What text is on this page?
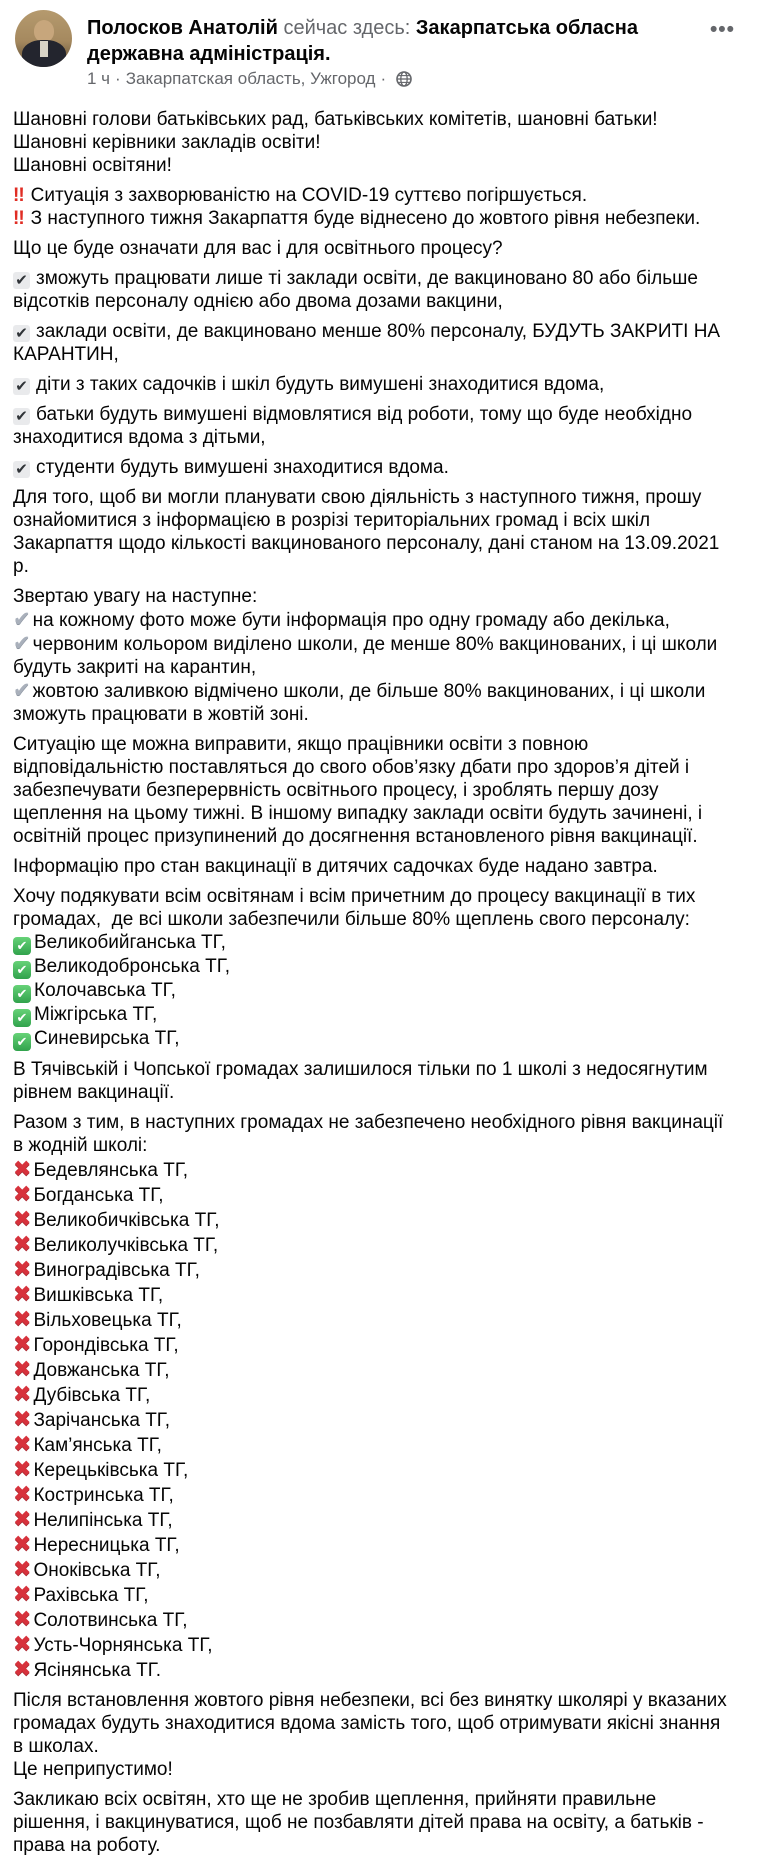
Полосков Анатолій сейчас здесь: Закарпатська обласна державна адміністрація.
1 ч · Закарпатская область, Ужгород ·
•••
Шановні голови батьківських рад, батьківських комітетів, шановні батьки!
Шановні керівники закладів освіти!
Шановні освітяни!
!! Ситуація з захворюваністю на COVID-19 суттєво погіршується.
!! З наступного тижня Закарпаття буде віднесено до жовтого рівня небезпеки.
Що це буде означати для вас і для освітнього процесу?
✔ зможуть працювати лише ті заклади освіти, де вакциновано 80 або більше відсотків персоналу однією або двома дозами вакцини,
✔ заклади освіти, де вакциновано менше 80% персоналу, БУДУТЬ ЗАКРИТІ НА КАРАНТИН,
✔ діти з таких садочків і шкіл будуть вимушені знаходитися вдома,
✔ батьки будуть вимушені відмовлятися від роботи, тому що буде необхідно знаходитися вдома з дітьми,
✔ студенти будуть вимушені знаходитися вдома.
Для того, щоб ви могли планувати свою діяльність з наступного тижня, прошу ознайомитися з інформацією в розрізі територіальних громад і всіх шкіл Закарпаття щодо кількості вакцинованого персоналу, дані станом на 13.09.2021 р.
Звертаю увагу на наступне:
✔ на кожному фото може бути інформація про одну громаду або декілька,
✔ червоним кольором виділено школи, де менше 80% вакцинованих, і ці школи будуть закриті на карантин,
✔ жовтою заливкою відмічено школи, де більше 80% вакцинованих, і ці школи зможуть працювати в жовтій зоні.
Ситуацію ще можна виправити, якщо працівники освіти з повною відповідальністю поставляться до свого обов’язку дбати про здоров’я дітей і забезпечувати безперервність освітнього процесу, і зроблять першу дозу щеплення на цьому тижні. В іншому випадку заклади освіти будуть зачинені, і освітній процес призупинений до досягнення встановленого рівня вакцинації.
Інформацію про стан вакцинації в дитячих садочках буде надано завтра.
Хочу подякувати всім освітянам і всім причетним до процесу вакцинації в тих громадах,  де всі школи забезпечили більше 80% щеплень свого персоналу:
✔ Великобийганська ТГ,
✔ Великодобронська ТГ,
✔ Колочавська ТГ,
✔ Міжгірська ТГ,
✔ Синевирська ТГ,
В Тячівській і Чопської громадах залишилося тільки по 1 школі з недосягнутим рівнем вакцинації.
Разом з тим, в наступних громадах не забезпечено необхідного рівня вакцинації в жодній школі:
✖ Бедевлянська ТГ,
✖ Богданська ТГ,
✖ Великобичківська ТГ,
✖ Великолучківська ТГ,
✖ Виноградівська ТГ,
✖ Вишківська ТГ,
✖ Вільховецька ТГ,
✖ Горондівська ТГ,
✖ Довжанська ТГ,
✖ Дубівська ТГ,
✖ Зарічанська ТГ,
✖ Кам’янська ТГ,
✖ Керецьківська ТГ,
✖ Костринська ТГ,
✖ Нелипінська ТГ,
✖ Нересницька ТГ,
✖ Оноківська ТГ,
✖ Рахівська ТГ,
✖ Солотвинська ТГ,
✖ Усть-Чорнянська ТГ,
✖ Ясінянська ТГ.
Після встановлення жовтого рівня небезпеки, всі без винятку школярі у вказаних громадах будуть знаходитися вдома замість того, щоб отримувати якісні знання в школах.
Це неприпустимо!
Закликаю всіх освітян, хто ще не зробив щеплення, прийняти правильне рішення, і вакцинуватися, щоб не позбавляти дітей права на освіту, а батьків - права на роботу.
